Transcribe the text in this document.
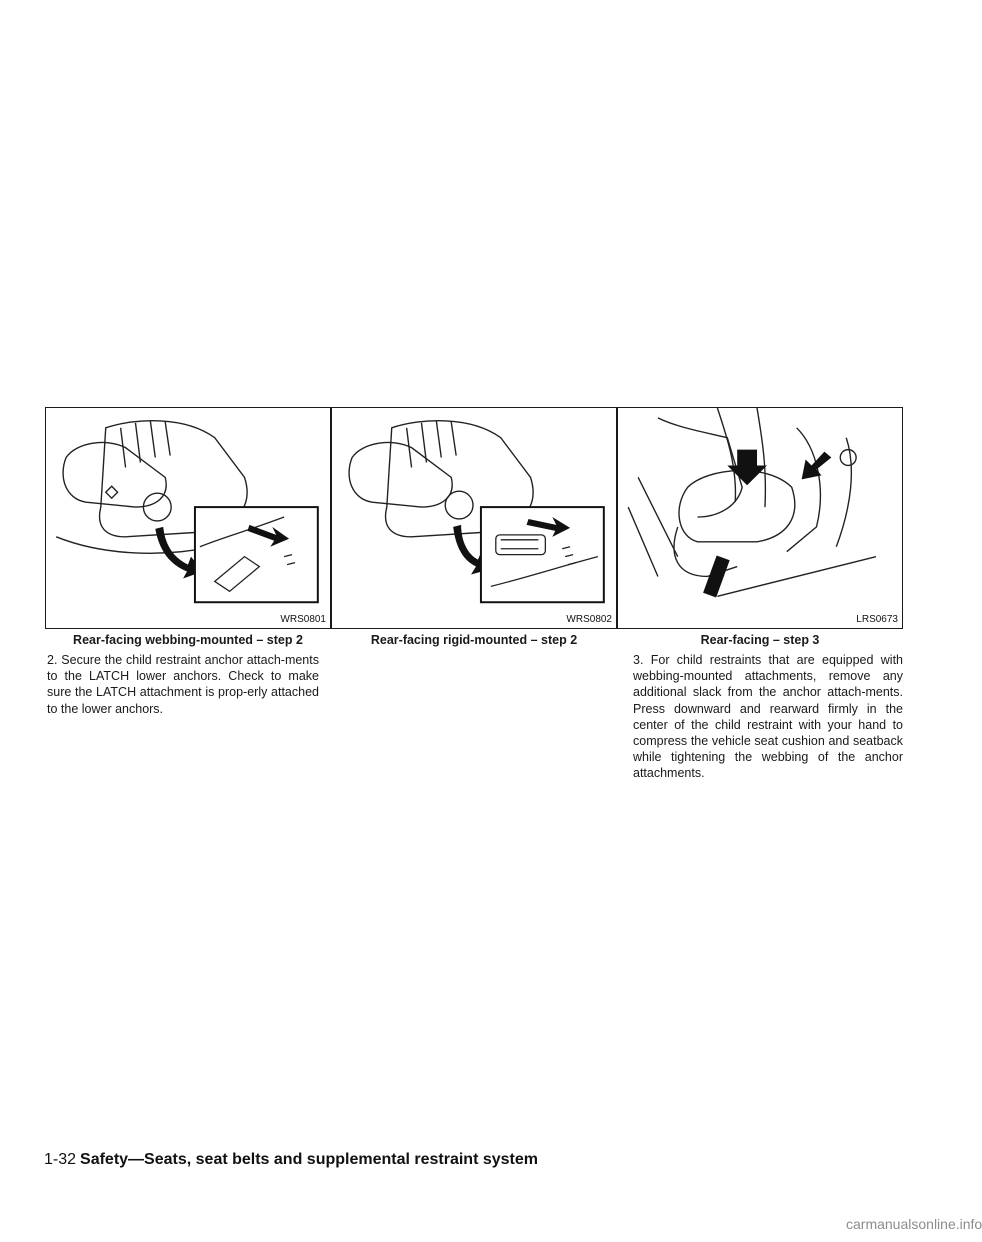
WRS0801
Rear-facing webbing-mounted – step 2
WRS0802
Rear-facing rigid-mounted – step 2
LRS0673
Rear-facing – step 3
2. Secure the child restraint anchor attach-ments to the LATCH lower anchors. Check to make sure the LATCH attachment is prop-erly attached to the lower anchors.
3. For child restraints that are equipped with webbing-mounted attachments, remove any additional slack from the anchor attach-ments. Press downward and rearward firmly in the center of the child restraint with your hand to compress the vehicle seat cushion and seatback while tightening the webbing of the anchor attachments.
1-32 Safety—Seats, seat belts and supplemental restraint system
carmanualsonline.info
